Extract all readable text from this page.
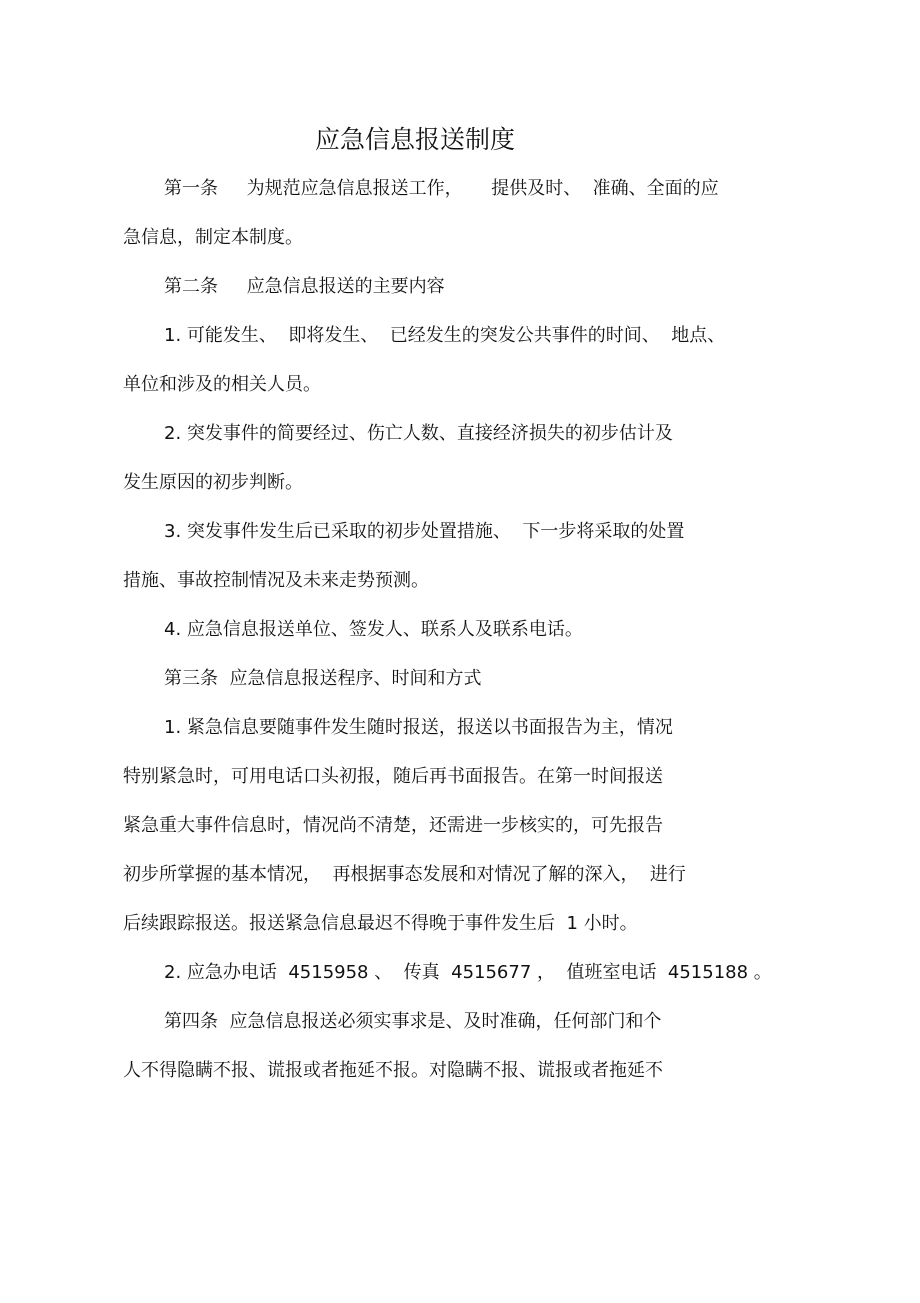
应急信息报送制度

第一条     为规范应急信息报送工作，     提供及时、  准确、全面的应

急信息，制定本制度。

第二条     应急信息报送的主要内容

1. 可能发生、  即将发生、  已经发生的突发公共事件的时间、  地点、

单位和涉及的相关人员。

2. 突发事件的简要经过、伤亡人数、直接经济损失的初步估计及

发生原因的初步判断。

3. 突发事件发生后已采取的初步处置措施、  下一步将采取的处置

措施、事故控制情况及未来走势预测。

4. 应急信息报送单位、签发人、联系人及联系电话。

第三条  应急信息报送程序、时间和方式

1. 紧急信息要随事件发生随时报送，报送以书面报告为主，情况

特别紧急时，可用电话口头初报，随后再书面报告。在第一时间报送

紧急重大事件信息时，情况尚不清楚，还需进一步核实的，可先报告

初步所掌握的基本情况，  再根据事态发展和对情况了解的深入，  进行

后续跟踪报送。报送紧急信息最迟不得晚于事件发生后  1 小时。

2. 应急办电话  4515958 、  传真  4515677 ，  值班室电话  4515188 。

第四条  应急信息报送必须实事求是、及时准确，任何部门和个

人不得隐瞒不报、谎报或者拖延不报。对隐瞒不报、谎报或者拖延不
